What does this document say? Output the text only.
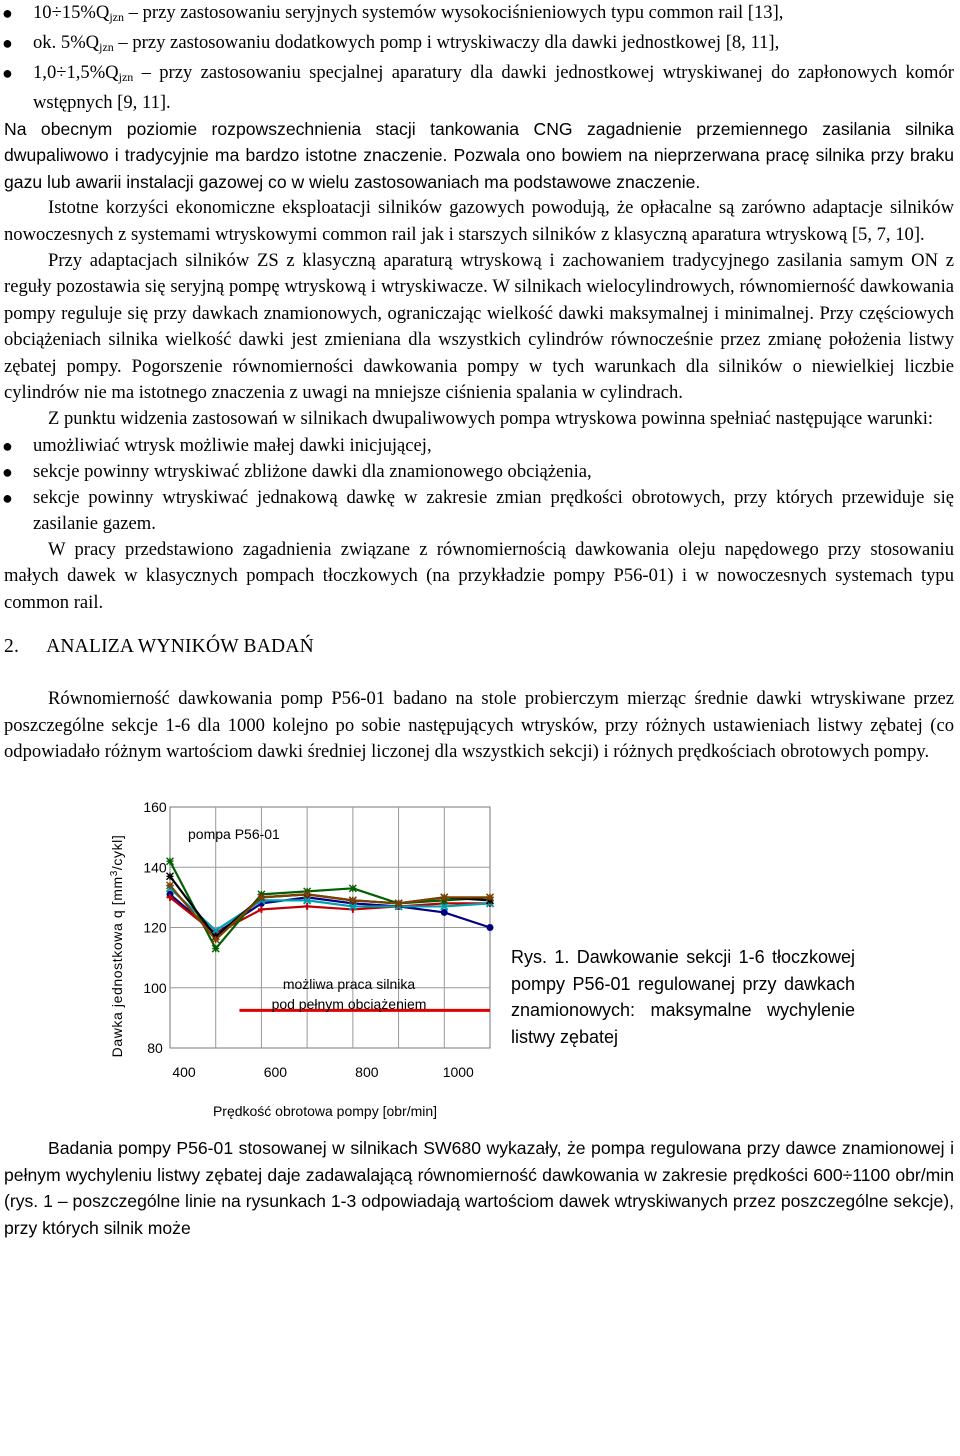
● $10\div 15\%Q_{jzn}$ – przy zastosowaniu seryjnych systemów wysokociśnieniowych typu common rail [13],
● ok. $5\%Q_{jzn}$ – przy zastosowaniu dodatkowych pomp i wtryskiwaczy dla dawki jednostkowej [8, 11],
● $1,0\div 1,5\%Q_{jzn}$ – przy zastosowaniu specjalnej aparatury dla dawki jednostkowej wtryskiwanej do zapłonowych komór wstępnych [9, 11].

Na obecnym poziomie rozpowszechnienia stacji tankowania CNG zagadnienie przemiennego zasilania silnika dwupaliwowo i tradycyjnie ma bardzo istotne znaczenie. Pozwala ono bowiem na nieprzerwana pracę silnika przy braku gazu lub awarii instalacji gazowej co w wielu zastosowaniach ma podstawowe znaczenie.

Istotne korzyści ekonomiczne eksploatacji silników gazowych powodują, że opłacalne są zarówno adaptacje silników nowoczesnych z systemami wtryskowymi common rail jak i starszych silników z klasyczną aparatura wtryskową [5, 7, 10].

Przy adaptacjach silników ZS z klasyczną aparaturą wtryskową i zachowaniem tradycyjnego zasilania samym ON z reguły pozostawia się seryjną pompę wtryskową i wtryskiwacze. W silnikach wielocylindrowych, równomierność dawkowania pompy reguluje się przy dawkach znamionowych, ograniczając wielkość dawki maksymalnej i minimalnej. Przy częściowych obciążeniach silnika wielkość dawki jest zmieniana dla wszystkich cylindrów równocześnie przez zmianę położenia listwy zębatej pompy. Pogorszenie równomierności dawkowania pompy w tych warunkach dla silników o niewielkiej liczbie cylindrów nie ma istotnego znaczenia z uwagi na mniejsze ciśnienia spalania w cylindrach.

Z punktu widzenia zastosowań w silnikach dwupaliwowych pompa wtryskowa powinna spełniać następujące warunki:

● umożliwiać wtrysk możliwie małej dawki inicjującej,
● sekcje powinny wtryskiwać zbliżone dawki dla znamionowego obciążenia,
● sekcje powinny wtryskiwać jednakową dawkę w zakresie zmian prędkości obrotowych, przy których przewiduje się zasilanie gazem.

W pracy przedstawiono zagadnienia związane z równomiernością dawkowania oleju napędowego przy stosowaniu małych dawek w klasycznych pompach tłoczkowych (na przykładzie pompy P56-01) i w nowoczesnych systemach typu common rail.

2. ANALIZA WYNIKÓW BADAŃ

Równomierność dawkowania pomp P56-01 badano na stole probierczym mierząc średnie dawki wtryskiwane przez poszczególne sekcje 1-6 dla 1000 kolejno po sobie następujących wtrysków, przy różnych ustawieniach listwy zębatej (co odpowiadało różnym wartościom dawki średniej liczonej dla wszystkich sekcji) i różnych prędkościach obrotowych pompy.

80
100
120
140
160
400	600	800	1000
pompa P56-01
możliwa praca silnika
pod pełnym obciążeniem
Prędkość obrotowa pompy [obr/min]
Dawka jednostkowa q $[mm^3/cykl]$
Rys. 1. Dawkowanie sekcji 1-6 tłoczkowej pompy P56-01 regulowanej przy dawkach znamionowych: maksymalne wychylenie listwy zębatej

Badania pompy P56-01 stosowanej w silnikach SW680 wykazały, że pompa regulowana przy dawce znamionowej i pełnym wychyleniu listwy zębatej daje zadawalającą równomierność dawkowania w zakresie prędkości 600÷1100 obr/min (rys. 1 – poszczególne linie na rysunkach 1-3 odpowiadają wartościom dawek wtryskiwanych przez poszczególne sekcje), przy których silnik może
